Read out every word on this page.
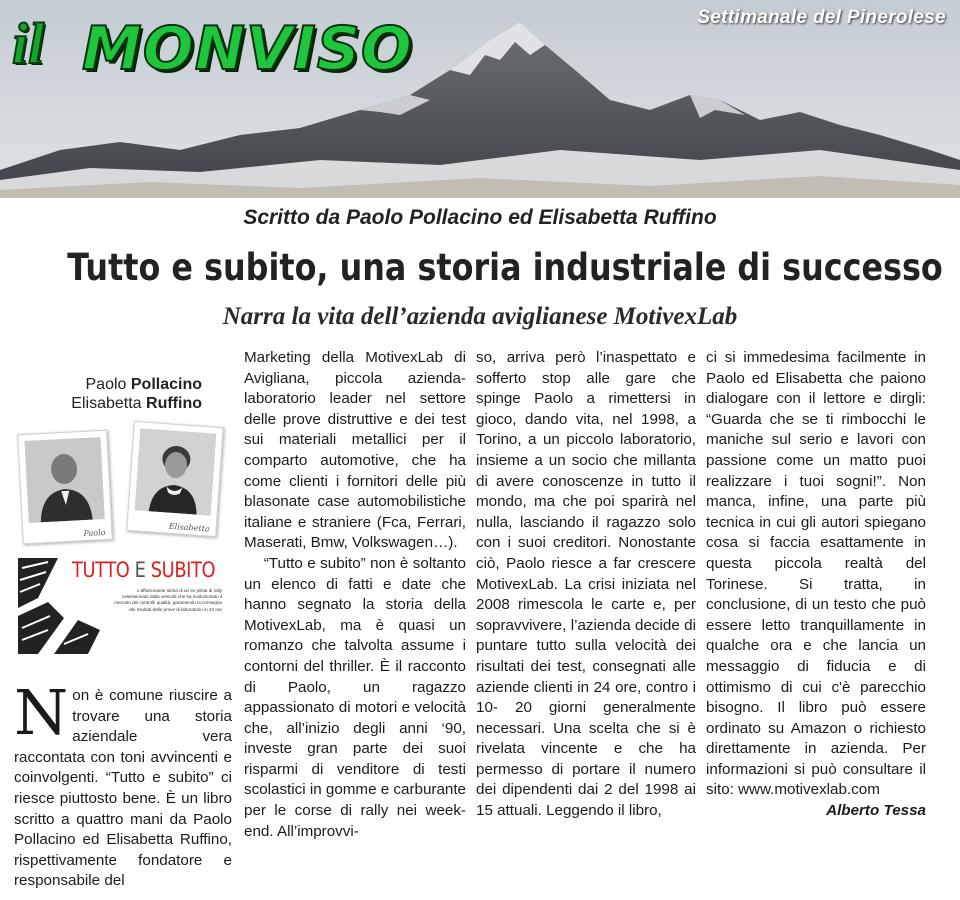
il MONVISO	Settimanale del Pinerolese
Scritto da Paolo Pollacino ed Elisabetta Ruffino
Tutto e subito, una storia industriale di successo
Narra la vita dell’azienda aviglianese MotivexLab
Paolo Pollacino
Elisabetta Ruffino
Paolo	Elisabetta
TUTTO E SUBITO
L'affascinante storia di un ex pilota di rally ossessionato dalla velocità che ha rivoluzionato il mercato dei controlli qualità, garantendo la consegna dei risultati delle prove di laboratorio in 24 ore
N on è comune riuscire a trovare una storia aziendale vera raccontata con toni avvincenti e coinvolgenti. “Tutto e subito” ci riesce piuttosto bene. È un libro scritto a quattro mani da Paolo Pollacino ed Elisabetta Ruffino, rispettivamente fondatore e responsabile del

Marketing della MotivexLab di Avigliana, piccola azienda-laboratorio leader nel settore delle prove distruttive e dei test sui materiali metallici per il comparto automotive, che ha come clienti i fornitori delle più blasonate case automobilistiche italiane e straniere (Fca, Ferrari, Maserati, Bmw, Volkswagen…).

“Tutto e subito” non è soltanto un elenco di fatti e date che hanno segnato la storia della MotivexLab, ma è quasi un romanzo che talvolta assume i contorni del thriller. È il racconto di Paolo, un ragazzo appassionato di motori e velocità che, all’inizio degli anni ‘90, investe gran parte dei suoi risparmi di venditore di testi scolastici in gomme e carburante per le corse di rally nei week- end. All’improvvi-

so, arriva però l’inaspettato e sofferto stop alle gare che spinge Paolo a rimettersi in gioco, dando vita, nel 1998, a Torino, a un piccolo laboratorio, insieme a un socio che millanta di avere conoscenze in tutto il mondo, ma che poi sparirà nel nulla, lasciando il ragazzo solo con i suoi creditori. Nonostante ciò, Paolo riesce a far crescere MotivexLab. La crisi iniziata nel 2008 rimescola le carte e, per sopravvivere, l’azienda decide di puntare tutto sulla velocità dei risultati dei test, consegnati alle aziende clienti in 24 ore, contro i 10- 20 giorni generalmente necessari. Una scelta che si è rivelata vincente e che ha permesso di portare il numero dei dipendenti dai 2 del 1998 ai 15 attuali. Leggendo il libro,

ci si immedesima facilmente in Paolo ed Elisabetta che paiono dialogare con il lettore e dirgli: “Guarda che se ti rimbocchi le maniche sul serio e lavori con passione come un matto puoi realizzare i tuoi sogni!”. Non manca, infine, una parte più tecnica in cui gli autori spiegano cosa si faccia esattamente in questa piccola realtà del Torinese. Si tratta, in conclusione, di un testo che può essere letto tranquillamente in qualche ora e che lancia un messaggio di fiducia e di ottimismo di cui c'è parecchio bisogno. Il libro può essere ordinato su Amazon o richiesto direttamente in azienda. Per informazioni si può consultare il sito: www.motivexlab.com

Alberto Tessa
